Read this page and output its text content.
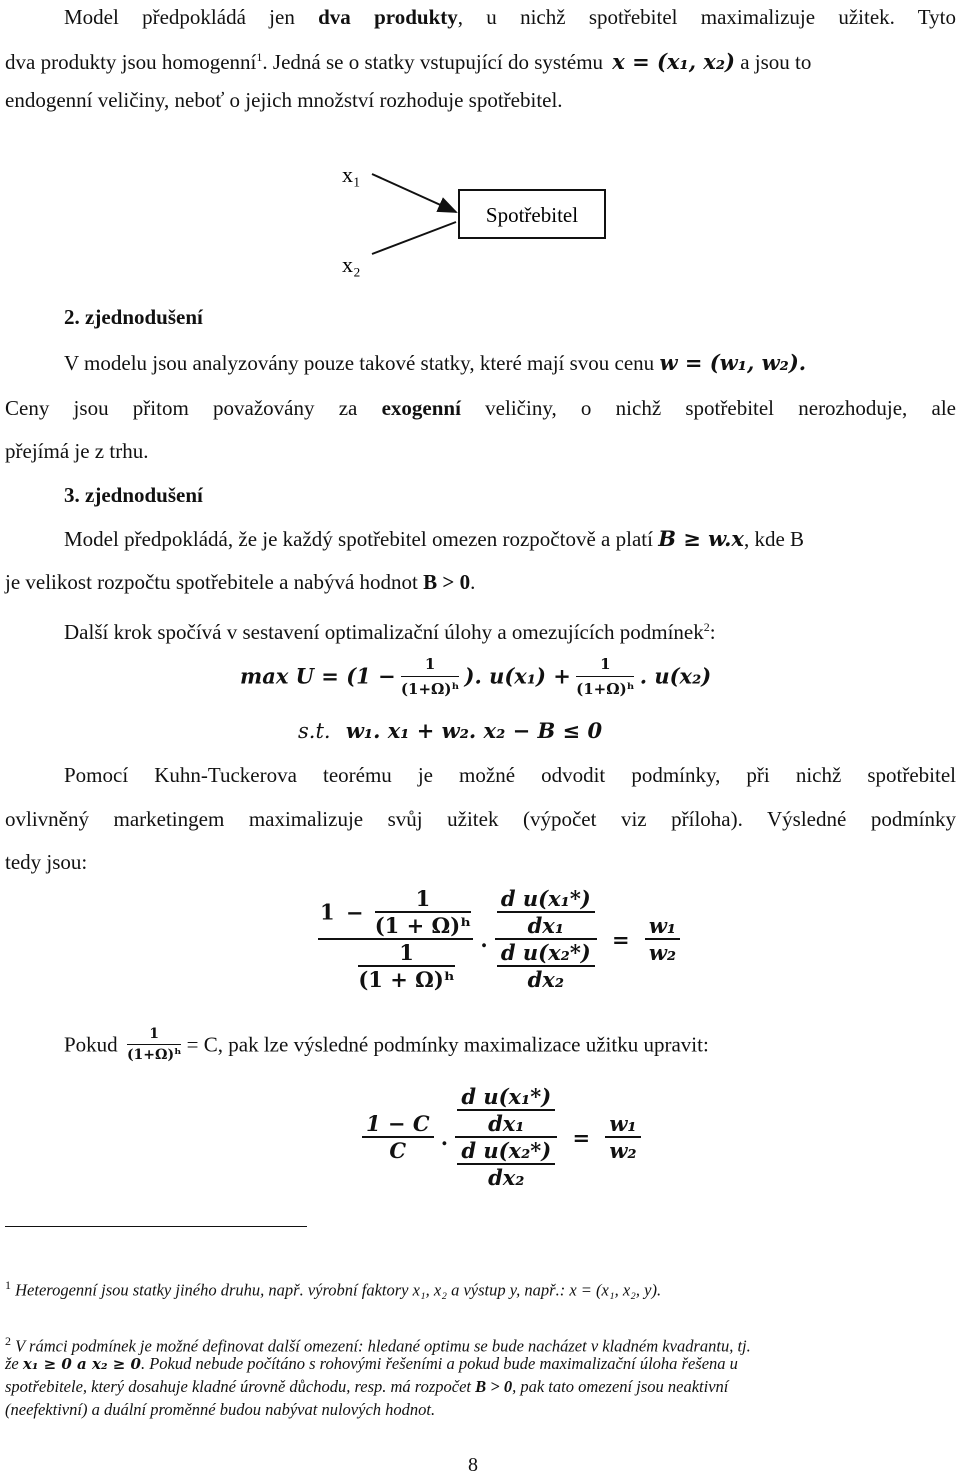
Model předpokládá jen dva produkty, u nichž spotřebitel maximalizuje užitek. Tyto
dva produkty jsou homogenní$^1$. Jedná se o statky vstupující do systému x = (x₁, x₂) a jsou to
endogenní veličiny, neboť o jejich množství rozhoduje spotřebitel.
x₁
x₂
Spotřebitel
2. zjednodušení
V modelu jsou analyzovány pouze takové statky, které mají svou cenu w = (w₁, w₂).
Ceny jsou přitom považovány za exogenní veličiny, o nichž spotřebitel nerozhoduje, ale
přejímá je z trhu.
3. zjednodušení
Model předpokládá, že je každý spotřebitel omezen rozpočtově a platí B ≥ w.x, kde B
je velikost rozpočtu spotřebitele a nabývá hodnot B > 0.
Další krok spočívá v sestavení optimalizační úlohy a omezujících podmínek$^2$:
$\max U = (1 - \frac{1}{\text{(1+Ω)ʰ}}$ ). $u(x_1) + \frac{1}{\text{(1+Ω)ʰ}}$ . u(x₂)
s.t. w₁. x₁ + w₂. x₂ − B ≤ 0
Pomocí Kuhn-Tuckerova teorému je možné odvodit podmínky, při nichž spotřebitel
ovlivněný marketingem maximalizuje svůj užitek (výpočet viz příloha). Výsledné podmínky
tedy jsou:
$\frac{1 - \frac{1}{\text{(1 + Ω)ʰ}}}{\frac{1}{\text{(1 + Ω)ʰ}}}$ . $\frac{\frac{\text{d u(x₁*)}}{\text{dx₁}}}{\frac{\text{d u(x₂*)}}{\text{dx₂}}} = \frac{\text{w₁}}{\text{w₂}}$
Pokud $\frac{1}{\text{(1+Ω)ʰ}} = C$, pak lze výsledné podmínky maximalizace užitku upravit:
$\frac{1 - C}{C}$ . $\frac{\frac{\text{d u(x₁*)}}{\text{dx₁}}}{\frac{\text{d u(x₂*)}}{\text{dx₂}}} = \frac{\text{w₁}}{\text{w₂}}$
$^1$ Heterogenní jsou statky jiného druhu, např. výrobní faktory x₁, x₂ a výstup y, např.: x = (x₁, x₂, y).
$^2$ V rámci podmínek je možné definovat další omezení: hledané optimu se bude nacházet v kladném kvadrantu, tj.
že x₁ ≥ 0 a x₂ ≥ 0. Pokud nebude počítáno s rohovými řešeními a pokud bude maximalizační úloha řešena u
spotřebitele, který dosahuje kladné úrovně důchodu, resp. má rozpočet B > 0, pak tato omezení jsou neaktivní
(neefektivní) a duální proměnné budou nabývat nulových hodnot.
8
